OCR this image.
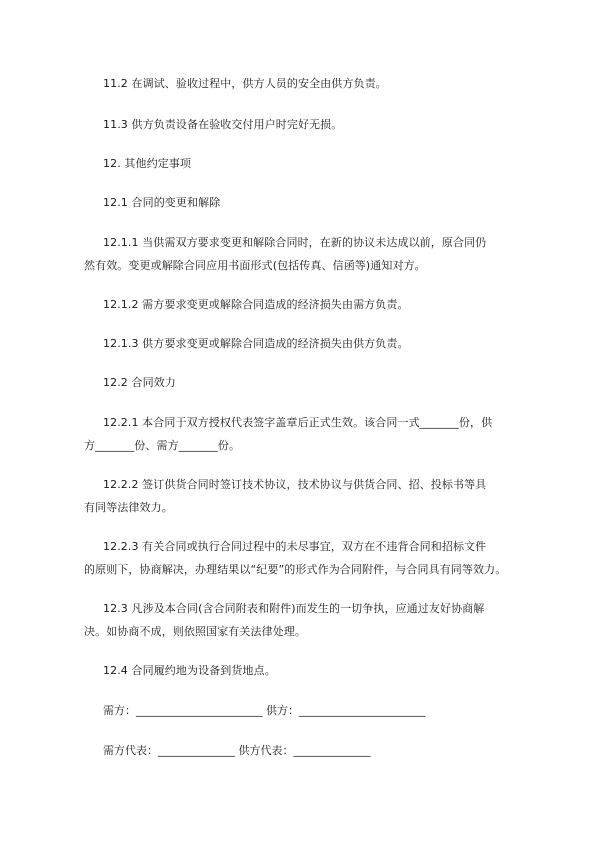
11.2 在调试、验收过程中，供方人员的安全由供方负责。
11.3 供方负责设备在验收交付用户时完好无损。
12. 其他约定事项
12.1 合同的变更和解除
12.1.1 当供需双方要求变更和解除合同时，在新的协议未达成以前，原合同仍
然有效。变更或解除合同应用书面形式(包括传真、信函等)通知对方。
12.1.2 需方要求变更或解除合同造成的经济损失由需方负责。
12.1.3 供方要求变更或解除合同造成的经济损失由供方负责。
12.2 合同效力
12.2.1 本合同于双方授权代表签字盖章后正式生效。该合同一式_______份，供
方_______份、需方_______份。
12.2.2 签订供货合同时签订技术协议，技术协议与供货合同、招、投标书等具
有同等法律效力。
12.2.3 有关合同或执行合同过程中的未尽事宜，双方在不违背合同和招标文件
的原则下，协商解决，办理结果以“纪要”的形式作为合同附件，与合同具有同等效力。
12.3 凡涉及本合同(含合同附表和附件)而发生的一切争执，应通过友好协商解
决。如协商不成，则依照国家有关法律处理。
12.4 合同履约地为设备到货地点。
需方：_______________________ 供方：_______________________
需方代表：______________ 供方代表：______________
